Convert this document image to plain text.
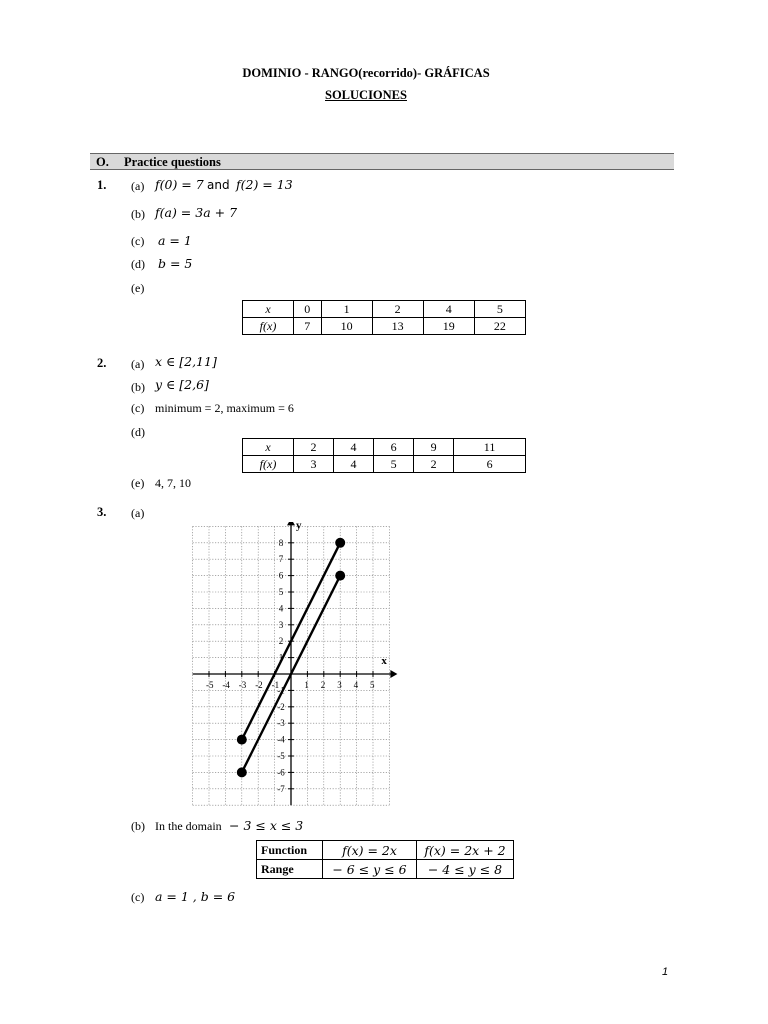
DOMINIO - RANGO(recorrido)- GRÁFICAS
SOLUCIONES
O. Practice questions
1. (a) f(0) = 7 and f(2) = 13
(b) f(a) = 3a + 7
(c) a = 1
(d) b = 5
(e)
x	0	1	2	4	5
f(x)	7	10	13	19	22
2. (a) x ∈ [2,11]
(b) y ∈ [2,6]
(c) minimum = 2, maximum = 6
(d)
x	2	4	6	9	11
f(x)	3	4	5	2	6
(e) 4, 7, 10
3. (a)
x
y
-5 -4 -3 -2 -1	1 2 3 4 5
8
7
6
5
4
3
2
1
-1
-2
-3
-4
-5
-6
-7
(b) In the domain − 3 ≤ x ≤ 3
Function	f(x) = 2x	f(x) = 2x + 2
Range	− 6 ≤ y ≤ 6	− 4 ≤ y ≤ 8
(c) a = 1 , b = 6
1
